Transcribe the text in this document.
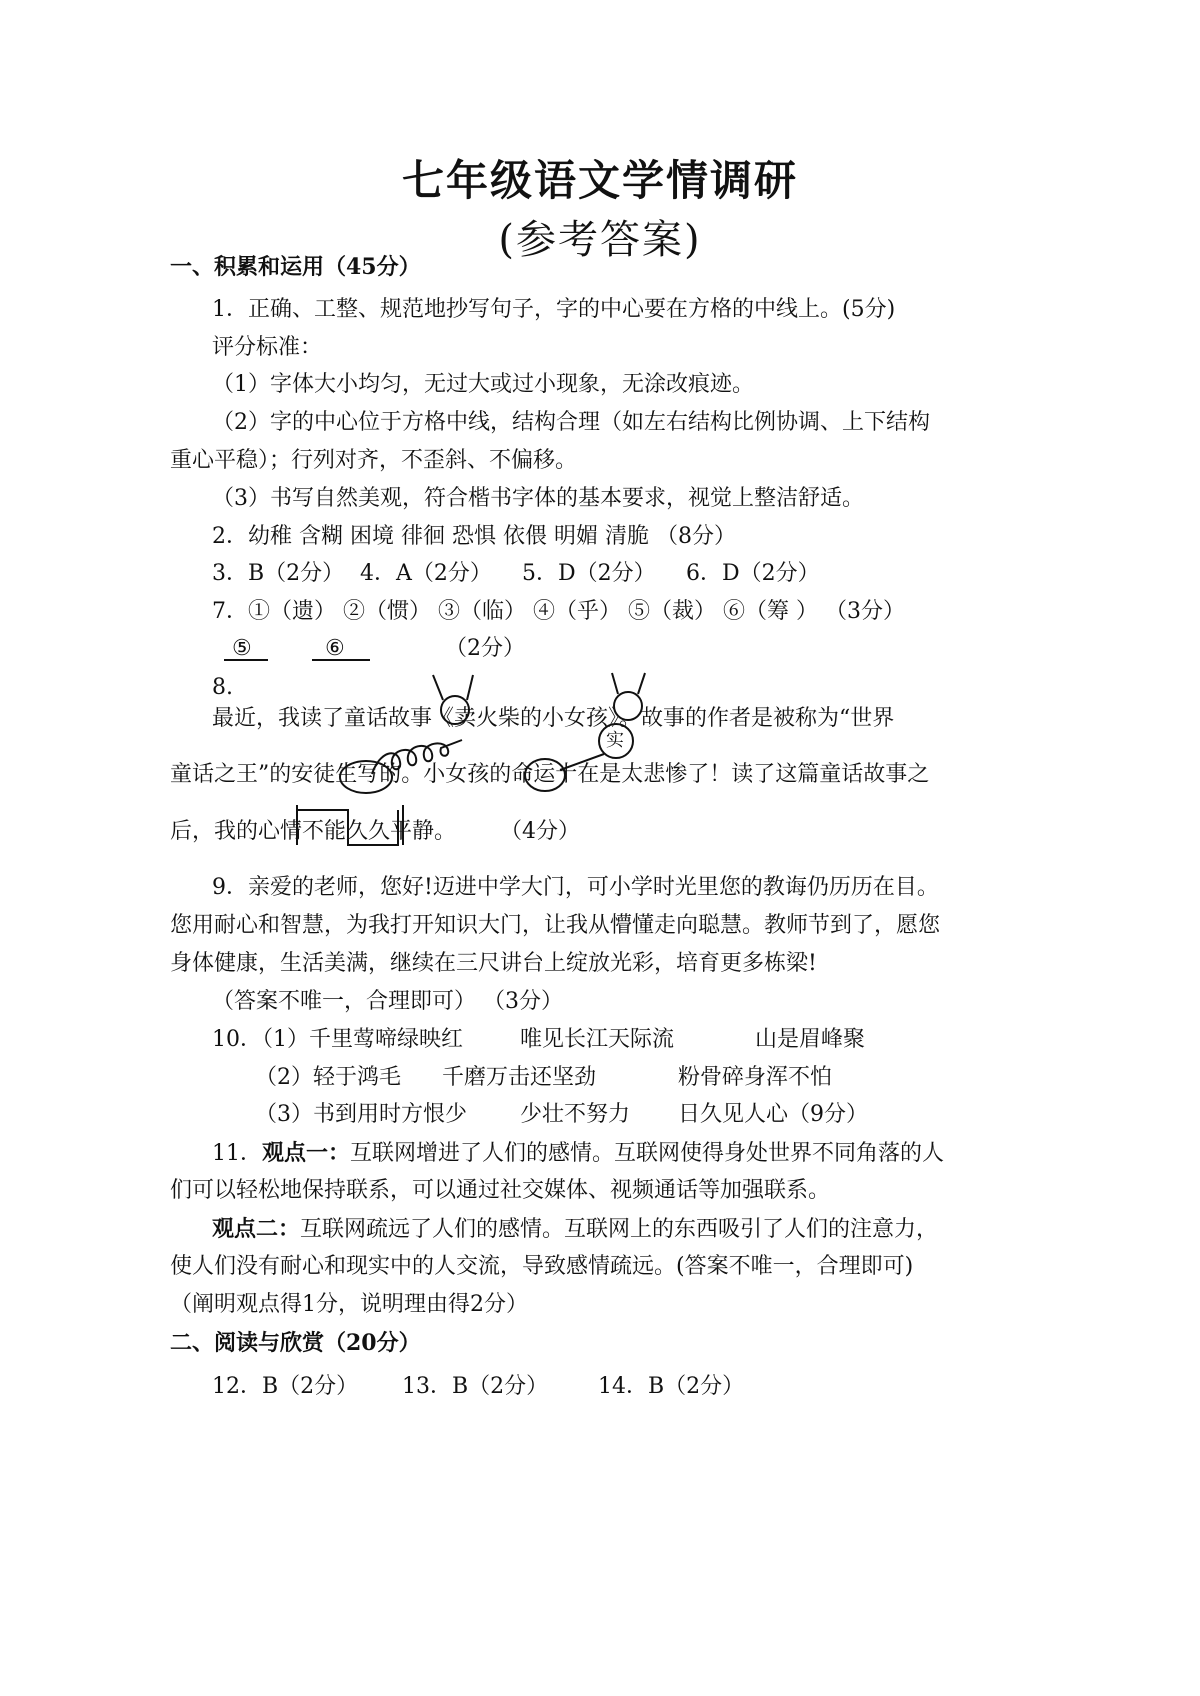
七年级语文学情调研
(参考答案)
一、积累和运用（45分）
1．正确、工整、规范地抄写句子，字的中心要在方格的中线上。(5分)
评分标准：
（1）字体大小均匀，无过大或过小现象，无涂改痕迹。
（2）字的中心位于方格中线，结构合理（如左右结构比例协调、上下结构
重心平稳）；行列对齐，不歪斜、不偏移。
（3）书写自然美观，符合楷书字体的基本要求，视觉上整洁舒适。
2．幼稚 含糊 困境 徘徊 恐惧 依偎 明媚 清脆 （8分）
3．B（2分） 4．A（2分） 5．D（2分） 6．D（2分）
7．①（遗） ②（惯） ③（临） ④（乎） ⑤（裁） ⑥（筹 ） （3分）
⑤	⑥	（2分）
8.
最近，我读了童话故事《卖火柴的小女孩》。故事的作者是被称为“世界
实
童话之王”的安徒生写的。小女孩的命运十在是太悲惨了！读了这篇童话故事之
后，我的心情不能久久平静。 （4分）
9．亲爱的老师，您好!迈进中学大门，可小学时光里您的教诲仍历历在目。
您用耐心和智慧，为我打开知识大门，让我从懵懂走向聪慧。教师节到了，愿您
身体健康，生活美满，继续在三尺讲台上绽放光彩，培育更多栋梁!
（答案不唯一，合理即可） （3分）
10．（1）千里莺啼绿映红	唯见长江天际流	山是眉峰聚
（2）轻于鸿毛 千磨万击还坚劲	粉骨碎身浑不怕
（3）书到用时方恨少 少壮不努力 日久见人心（9分）
11．观点一：互联网增进了人们的感情。互联网使得身处世界不同角落的人
们可以轻松地保持联系，可以通过社交媒体、视频通话等加强联系。
观点二：互联网疏远了人们的感情。互联网上的东西吸引了人们的注意力，
使人们没有耐心和现实中的人交流，导致感情疏远。(答案不唯一，合理即可)
（阐明观点得1分，说明理由得2分）
二、阅读与欣赏（20分）
12．B（2分） 13．B（2分） 14．B（2分）
